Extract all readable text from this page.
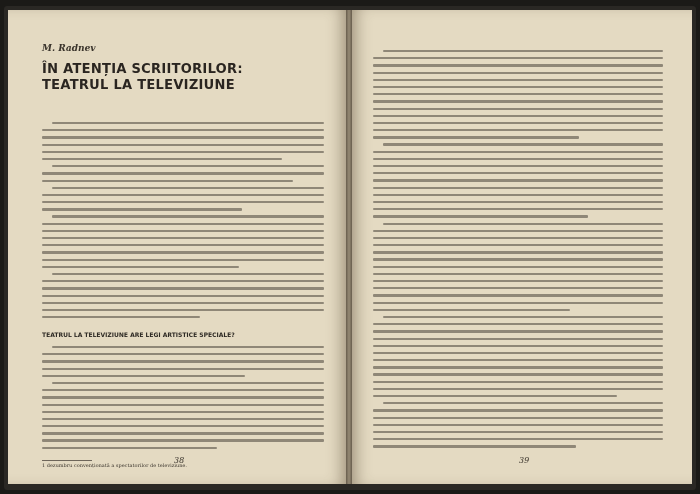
M. Radnev
ÎN ATENȚIA SCRIITORILOR:
TEATRUL LA TELEVIZIUNE
TEATRUL LA TELEVIZIUNE ARE LEGI ARTISTICE SPECIALE?
1 dezumbru convenționată a spectatorilor de televiziune.
38	39
